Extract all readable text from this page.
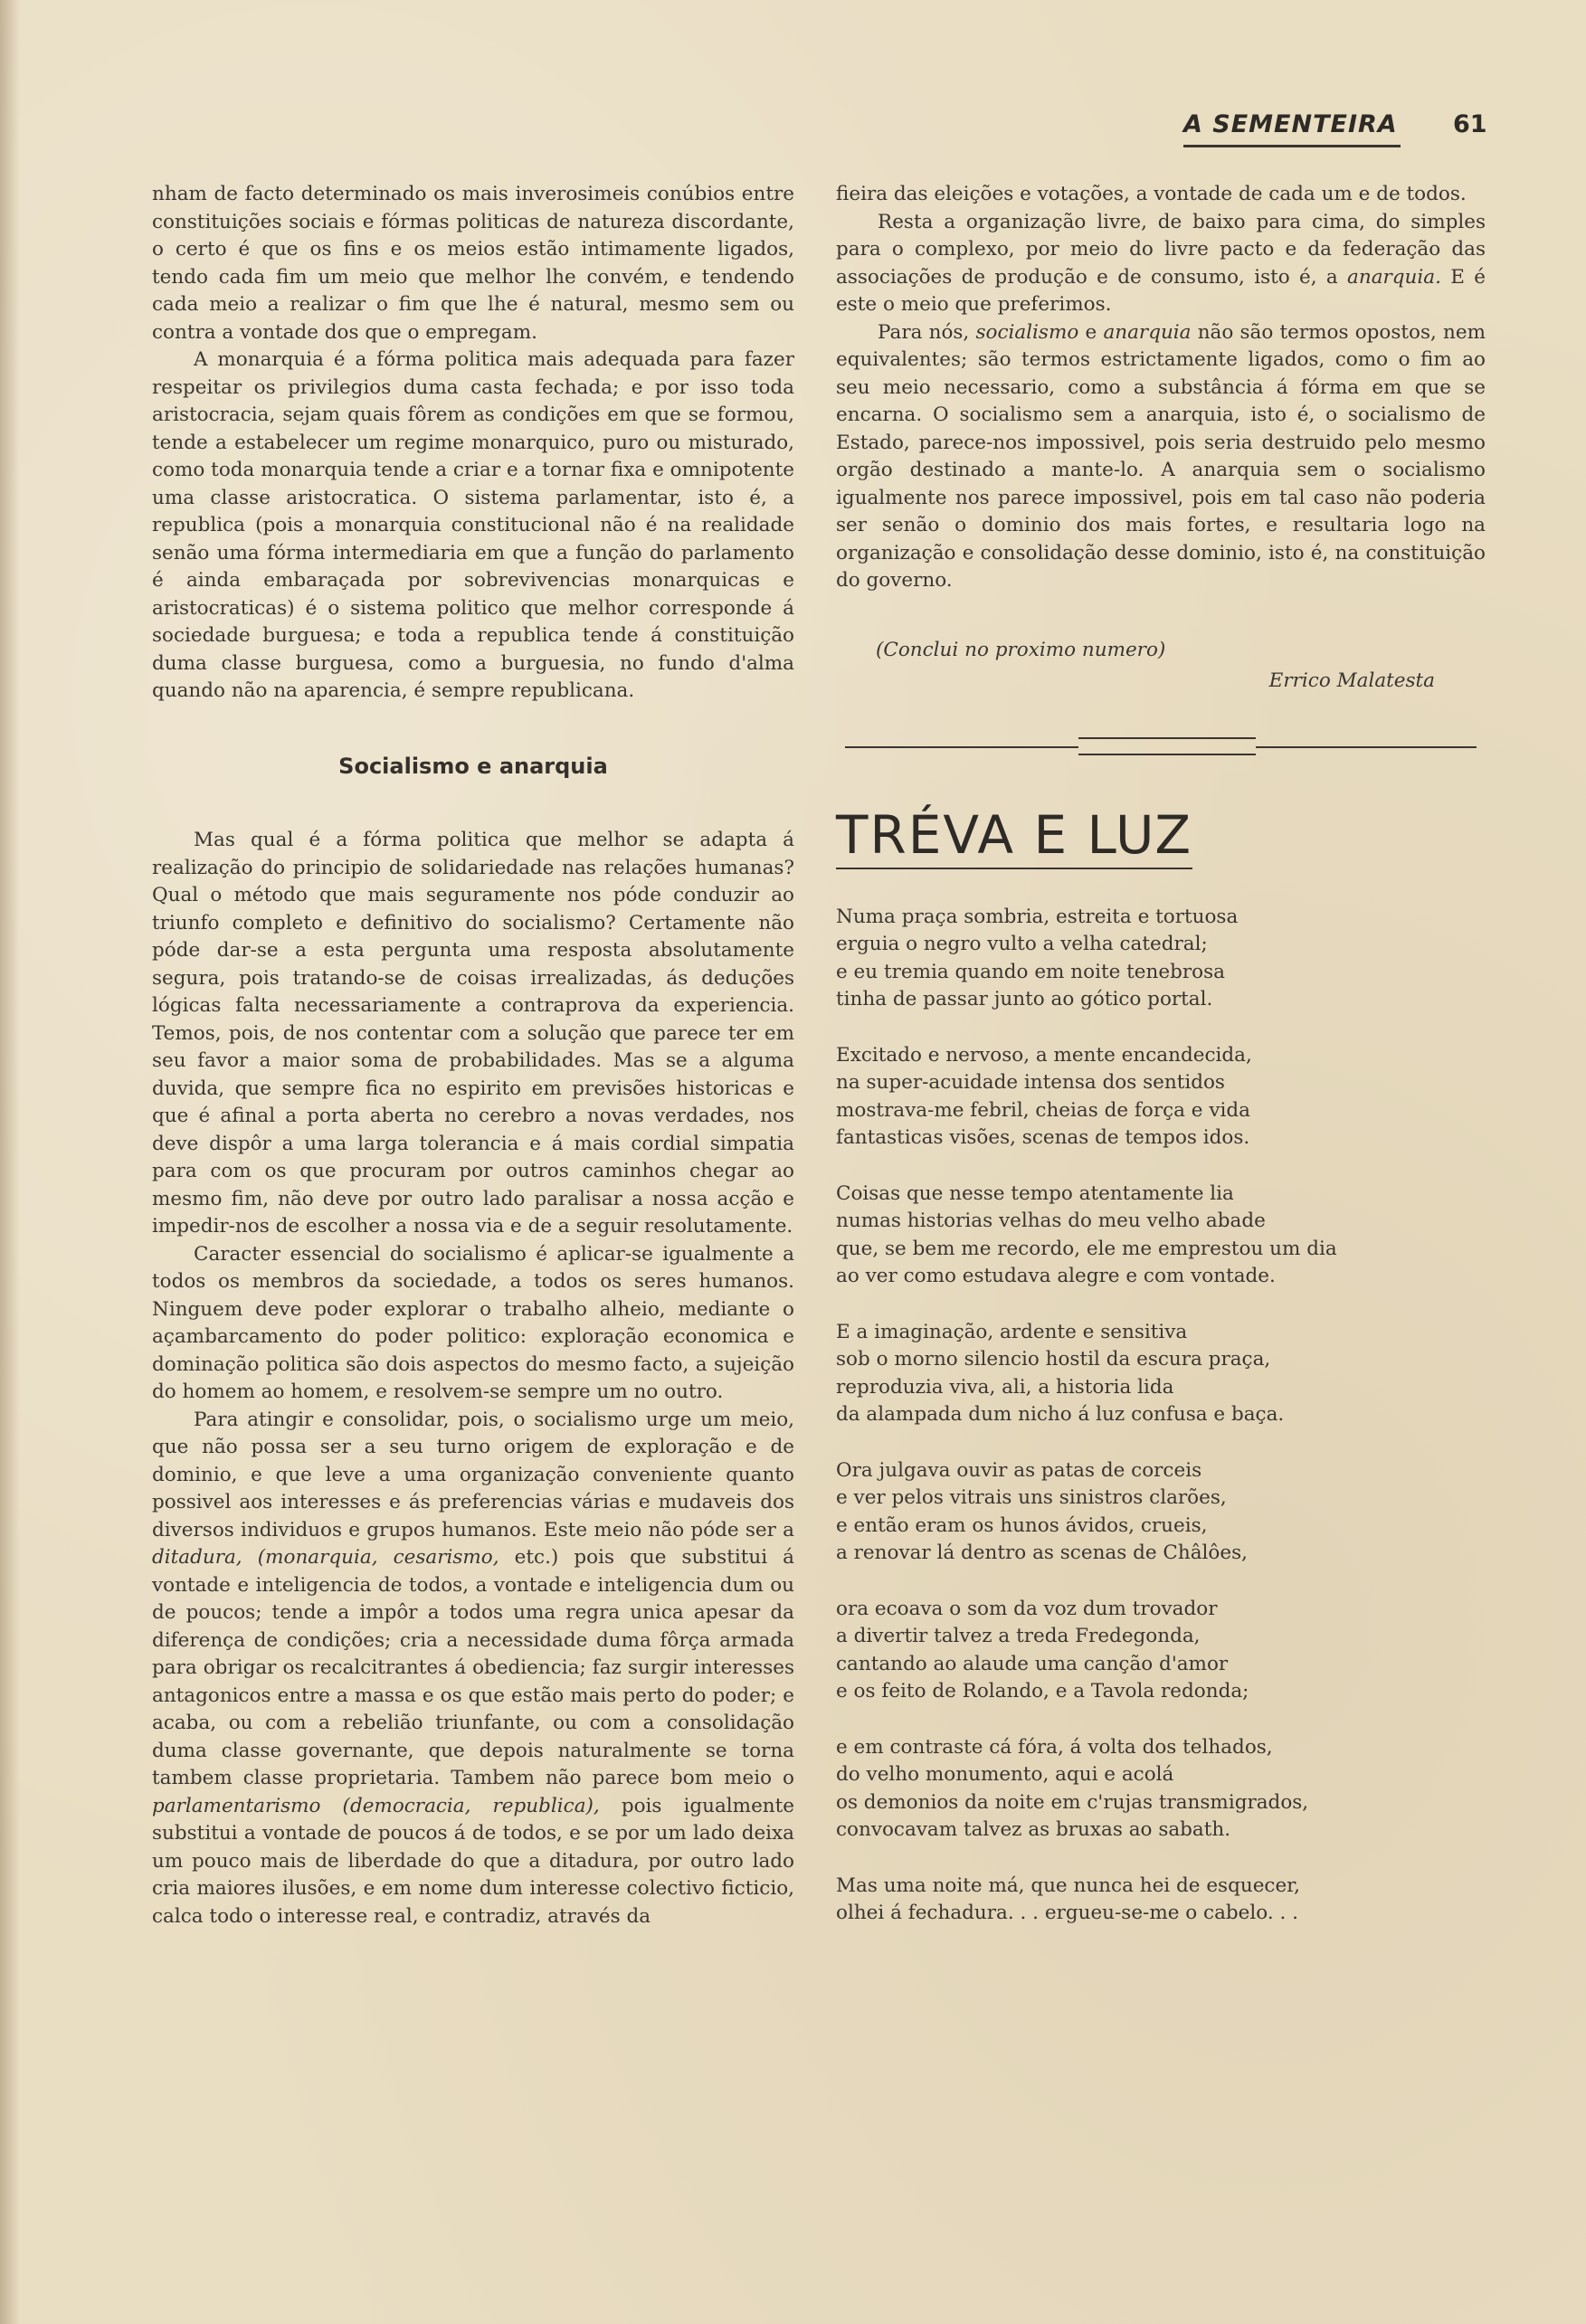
A SEMENTEIRA 61

nham de facto determinado os mais inverosimeis conúbios entre constituições sociais e fórmas politicas de natureza discordante, o certo é que os fins e os meios estão intimamente ligados, tendo cada fim um meio que melhor lhe convém, e tendendo cada meio a realizar o fim que lhe é natural, mesmo sem ou contra a vontade dos que o empregam.

A monarquia é a fórma politica mais adequada para fazer respeitar os privilegios duma casta fechada; e por isso toda aristocracia, sejam quais fôrem as condições em que se formou, tende a estabelecer um regime monarquico, puro ou misturado, como toda monarquia tende a criar e a tornar fixa e omnipotente uma classe aristocratica. O sistema parlamentar, isto é, a republica (pois a monarquia constitucional não é na realidade senão uma fórma intermediaria em que a função do parlamento é ainda embaraçada por sobrevivencias monarquicas e aristocraticas) é o sistema politico que melhor corresponde á sociedade burguesa; e toda a republica tende á constituição duma classe burguesa, como a burguesia, no fundo d'alma quando não na aparencia, é sempre republicana.

Socialismo e anarquia

Mas qual é a fórma politica que melhor se adapta á realização do principio de solidariedade nas relações humanas? Qual o método que mais seguramente nos póde conduzir ao triunfo completo e definitivo do socialismo? Certamente não póde dar-se a esta pergunta uma resposta absolutamente segura, pois tratando-se de coisas irrealizadas, ás deduções lógicas falta necessariamente a contraprova da experiencia. Temos, pois, de nos contentar com a solução que parece ter em seu favor a maior soma de probabilidades. Mas se a alguma duvida, que sempre fica no espirito em previsões historicas e que é afinal a porta aberta no cerebro a novas verdades, nos deve dispôr a uma larga tolerancia e á mais cordial simpatia para com os que procuram por outros caminhos chegar ao mesmo fim, não deve por outro lado paralisar a nossa acção e impedir-nos de escolher a nossa via e de a seguir resolutamente.

Caracter essencial do socialismo é aplicar-se igualmente a todos os membros da sociedade, a todos os seres humanos. Ninguem deve poder explorar o trabalho alheio, mediante o açambarcamento do poder politico: exploração economica e dominação politica são dois aspectos do mesmo facto, a sujeição do homem ao homem, e resolvem-se sempre um no outro.

Para atingir e consolidar, pois, o socialismo urge um meio, que não possa ser a seu turno origem de exploração e de dominio, e que leve a uma organização conveniente quanto possivel aos interesses e ás preferencias várias e mudaveis dos diversos individuos e grupos humanos. Este meio não póde ser a ditadura, (monarquia, cesarismo, etc.) pois que substitui á vontade e inteligencia de todos, a vontade e inteligencia dum ou de poucos; tende a impôr a todos uma regra unica apesar da diferença de condições; cria a necessidade duma fôrça armada para obrigar os recalcitrantes á obediencia; faz surgir interesses antagonicos entre a massa e os que estão mais perto do poder; e acaba, ou com a rebelião triunfante, ou com a consolidação duma classe governante, que depois naturalmente se torna tambem classe proprietaria. Tambem não parece bom meio o parlamentarismo (democracia, republica), pois igualmente substitui a vontade de poucos á de todos, e se por um lado deixa um pouco mais de liberdade do que a ditadura, por outro lado cria maiores ilusões, e em nome dum interesse colectivo ficticio, calca todo o interesse real, e contradiz, através da

fieira das eleições e votações, a vontade de cada um e de todos.

Resta a organização livre, de baixo para cima, do simples para o complexo, por meio do livre pacto e da federação das associações de produção e de consumo, isto é, a anarquia. E é este o meio que preferimos.

Para nós, socialismo e anarquia não são termos opostos, nem equivalentes; são termos estrictamente ligados, como o fim ao seu meio necessario, como a substância á fórma em que se encarna. O socialismo sem a anarquia, isto é, o socialismo de Estado, parece-nos impossivel, pois seria destruido pelo mesmo orgão destinado a mante-lo. A anarquia sem o socialismo igualmente nos parece impossivel, pois em tal caso não poderia ser senão o dominio dos mais fortes, e resultaria logo na organização e consolidação desse dominio, isto é, na constituição do governo.

(Conclui no proximo numero)

Errico Malatesta

TRÉVA E LUZ
Numa praça sombria, estreita e tortuosa
erguia o negro vulto a velha catedral;
e eu tremia quando em noite tenebrosa
tinha de passar junto ao gótico portal.
Excitado e nervoso, a mente encandecida,
na super-acuidade intensa dos sentidos
mostrava-me febril, cheias de força e vida
fantasticas visões, scenas de tempos idos.
Coisas que nesse tempo atentamente lia
numas historias velhas do meu velho abade
que, se bem me recordo, ele me emprestou um dia
ao ver como estudava alegre e com vontade.
E a imaginação, ardente e sensitiva
sob o morno silencio hostil da escura praça,
reproduzia viva, ali, a historia lida
da alampada dum nicho á luz confusa e baça.
Ora julgava ouvir as patas de corceis
e ver pelos vitrais uns sinistros clarões,
e então eram os hunos ávidos, crueis,
a renovar lá dentro as scenas de Châlôes,
ora ecoava o som da voz dum trovador
a divertir talvez a treda Fredegonda,
cantando ao alaude uma canção d'amor
e os feito de Rolando, e a Tavola redonda;
e em contraste cá fóra, á volta dos telhados,
do velho monumento, aqui e acolá
os demonios da noite em c'rujas transmigrados,
convocavam talvez as bruxas ao sabath.
Mas uma noite má, que nunca hei de esquecer,
olhei á fechadura. . . ergueu-se-me o cabelo. . .
